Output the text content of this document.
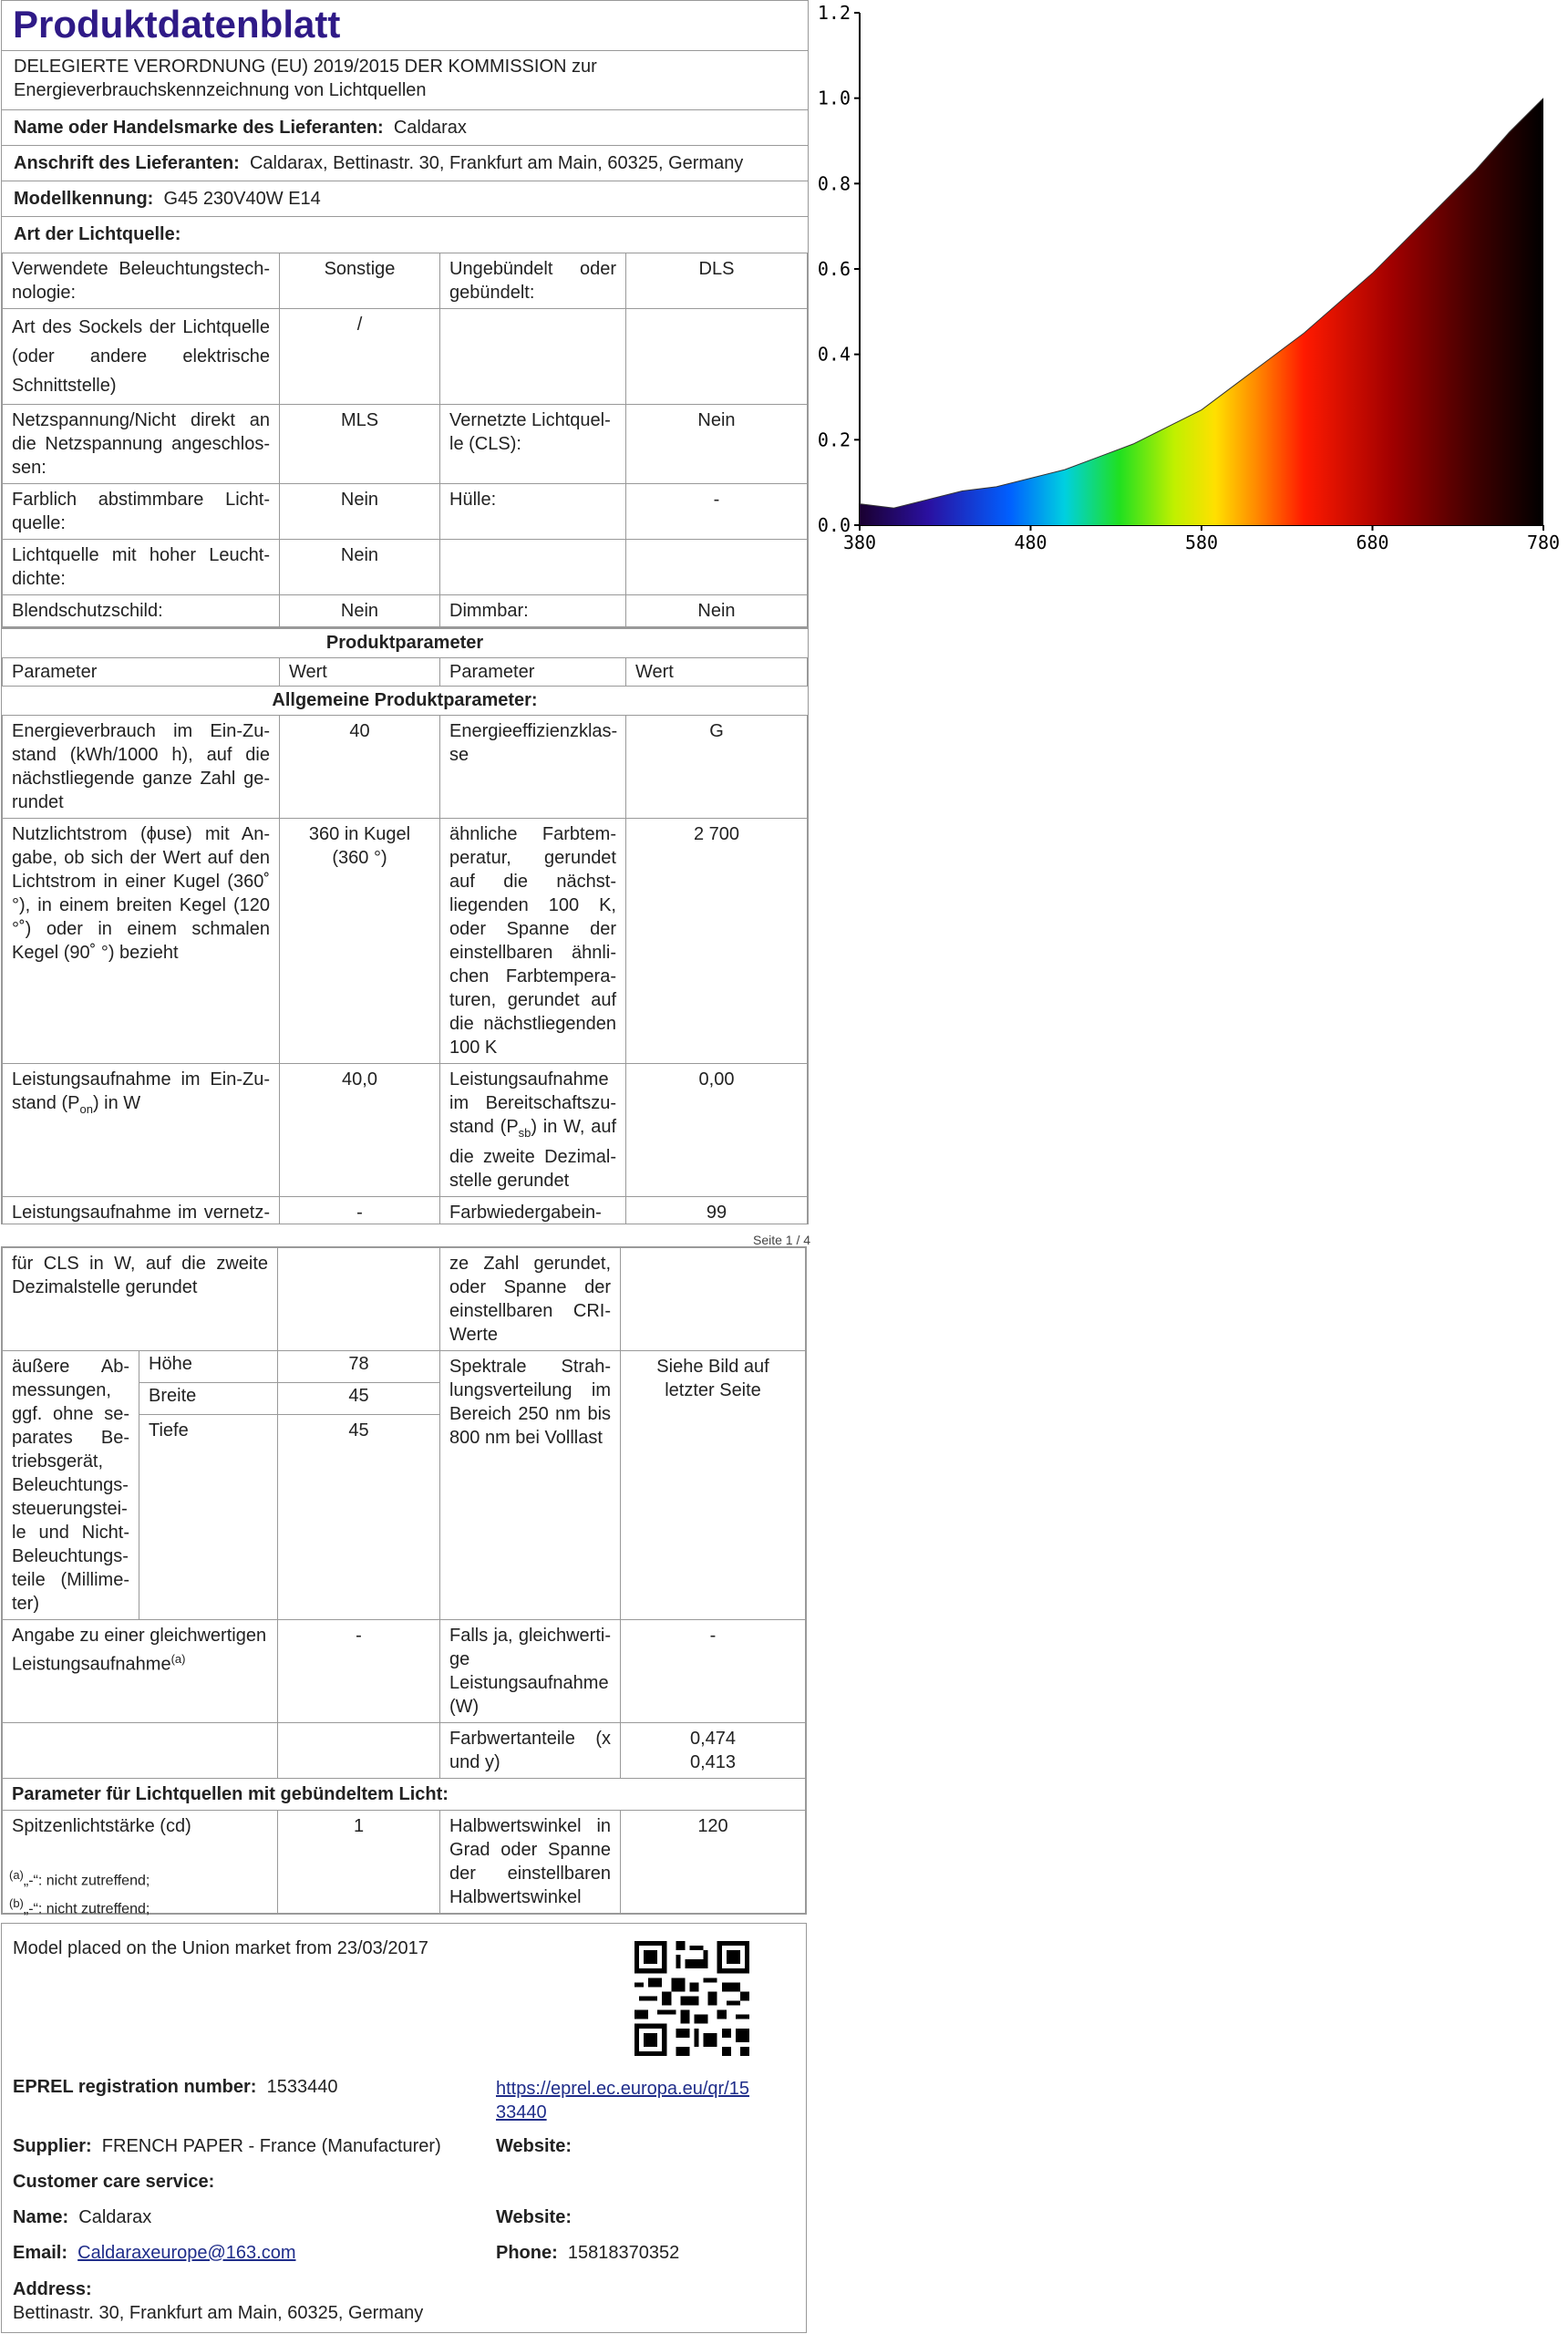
Produktdatenblatt
DELEGIERTE VERORDNUNG (EU) 2019/2015 DER KOMMISSION zur Energieverbrauchskennzeichnung von Lichtquellen
Name oder Handelsmarke des Lieferanten: Caldarax
Anschrift des Lieferanten: Caldarax, Bettinastr. 30, Frankfurt am Main, 60325, Germany
Modellkennung: G45 230V40W E14
Art der Lichtquelle:
Verwendete Beleuchtungstechnologie:	Sonstige	Ungebündelt oder gebündelt:	DLS
Art des Sockels der Lichtquelle (oder andere elektrische Schnittstelle)	/		
Netzspannung/Nicht direkt an die Netzspannung angeschlossen:	MLS	Vernetzte Lichtquelle (CLS):	Nein
Farblich abstimmbare Lichtquelle:	Nein	Hülle:	-
Lichtquelle mit hoher Leuchtdichte:	Nein		
Blendschutzschild:	Nein	Dimmbar:	Nein
Produktparameter
Parameter	Wert	Parameter	Wert
Allgemeine Produktparameter:
Energieverbrauch im Ein-Zustand (kWh/1000 h), auf die nächstliegende ganze Zahl gerundet	40	Energieeffizienzklasse	G
Nutzlichtstrom (ϕuse) mit Angabe, ob sich der Wert auf den Lichtstrom in einer Kugel (360˚ °), in einem breiten Kegel (120 °˚) oder in einem schmalen Kegel (90˚ °) bezieht	360 in Kugel (360 °)	ähnliche Farbtemperatur, gerundet auf die nächstliegenden 100 K, oder Spanne der einstellbaren ähnlichen Farbtemperaturen, gerundet auf die nächstliegenden 100 K	2 700
Leistungsaufnahme im Ein-Zustand $(P_{on})$ in W	40,0	Leistungsaufnahme im Bereitschaftszustand $(P_{sb})$ in W, auf die zweite Dezimalstelle gerundet	0,00
Leistungsaufnahme im vernetz	-	Farbwiedergabein	99
Seite 1 / 4
für CLS in W, auf die zweite Dezimalstelle gerundet			ze Zahl gerundet, oder Spanne der einstellbaren CRI-Werte	
äußere Abmessungen, ggf. ohne separates Betriebsgerät, Beleuchtungssteuerungsteile und Nicht-Beleuchtungsteile (Millimeter)	Höhe	78	Spektrale Strahlungsverteilung im Bereich 250 nm bis 800 nm bei Volllast	Siehe Bild auf letzter Seite
	Breite	45		
	Tiefe	45		
Angabe zu einer gleichwertigen Leistungsaufnahme$^{(a)}$		-	Falls ja, gleichwertige Leistungsaufnahme (W)	-
			Farbwertanteile (x und y)	0,474
0,413

Parameter für Lichtquellen mit gebündeltem Licht:				
Spitzenlichtstärke (cd)		1	Halbwertswinkel in Grad oder Spanne der einstellbaren Halbwertswinkel	120
$^{(a)}$„-“: nicht zutreffend;
$^{(b)}$„-“: nicht zutreffend;
Model placed on the Union market from 23/03/2017
EPREL registration number: 1533440	https://eprel.ec.europa.eu/qr/15
33440
Supplier: FRENCH PAPER - France (Manufacturer)	Website:
Customer care service:
Name: Caldarax	Website:
Email: Caldaraxeurope@163.com	Phone: 15818370352
Address:
Bettinastr. 30, Frankfurt am Main, 60325, Germany
0.0
0.2
0.4
0.6
0.8
1.0
1.2
380	480	580	680	780
